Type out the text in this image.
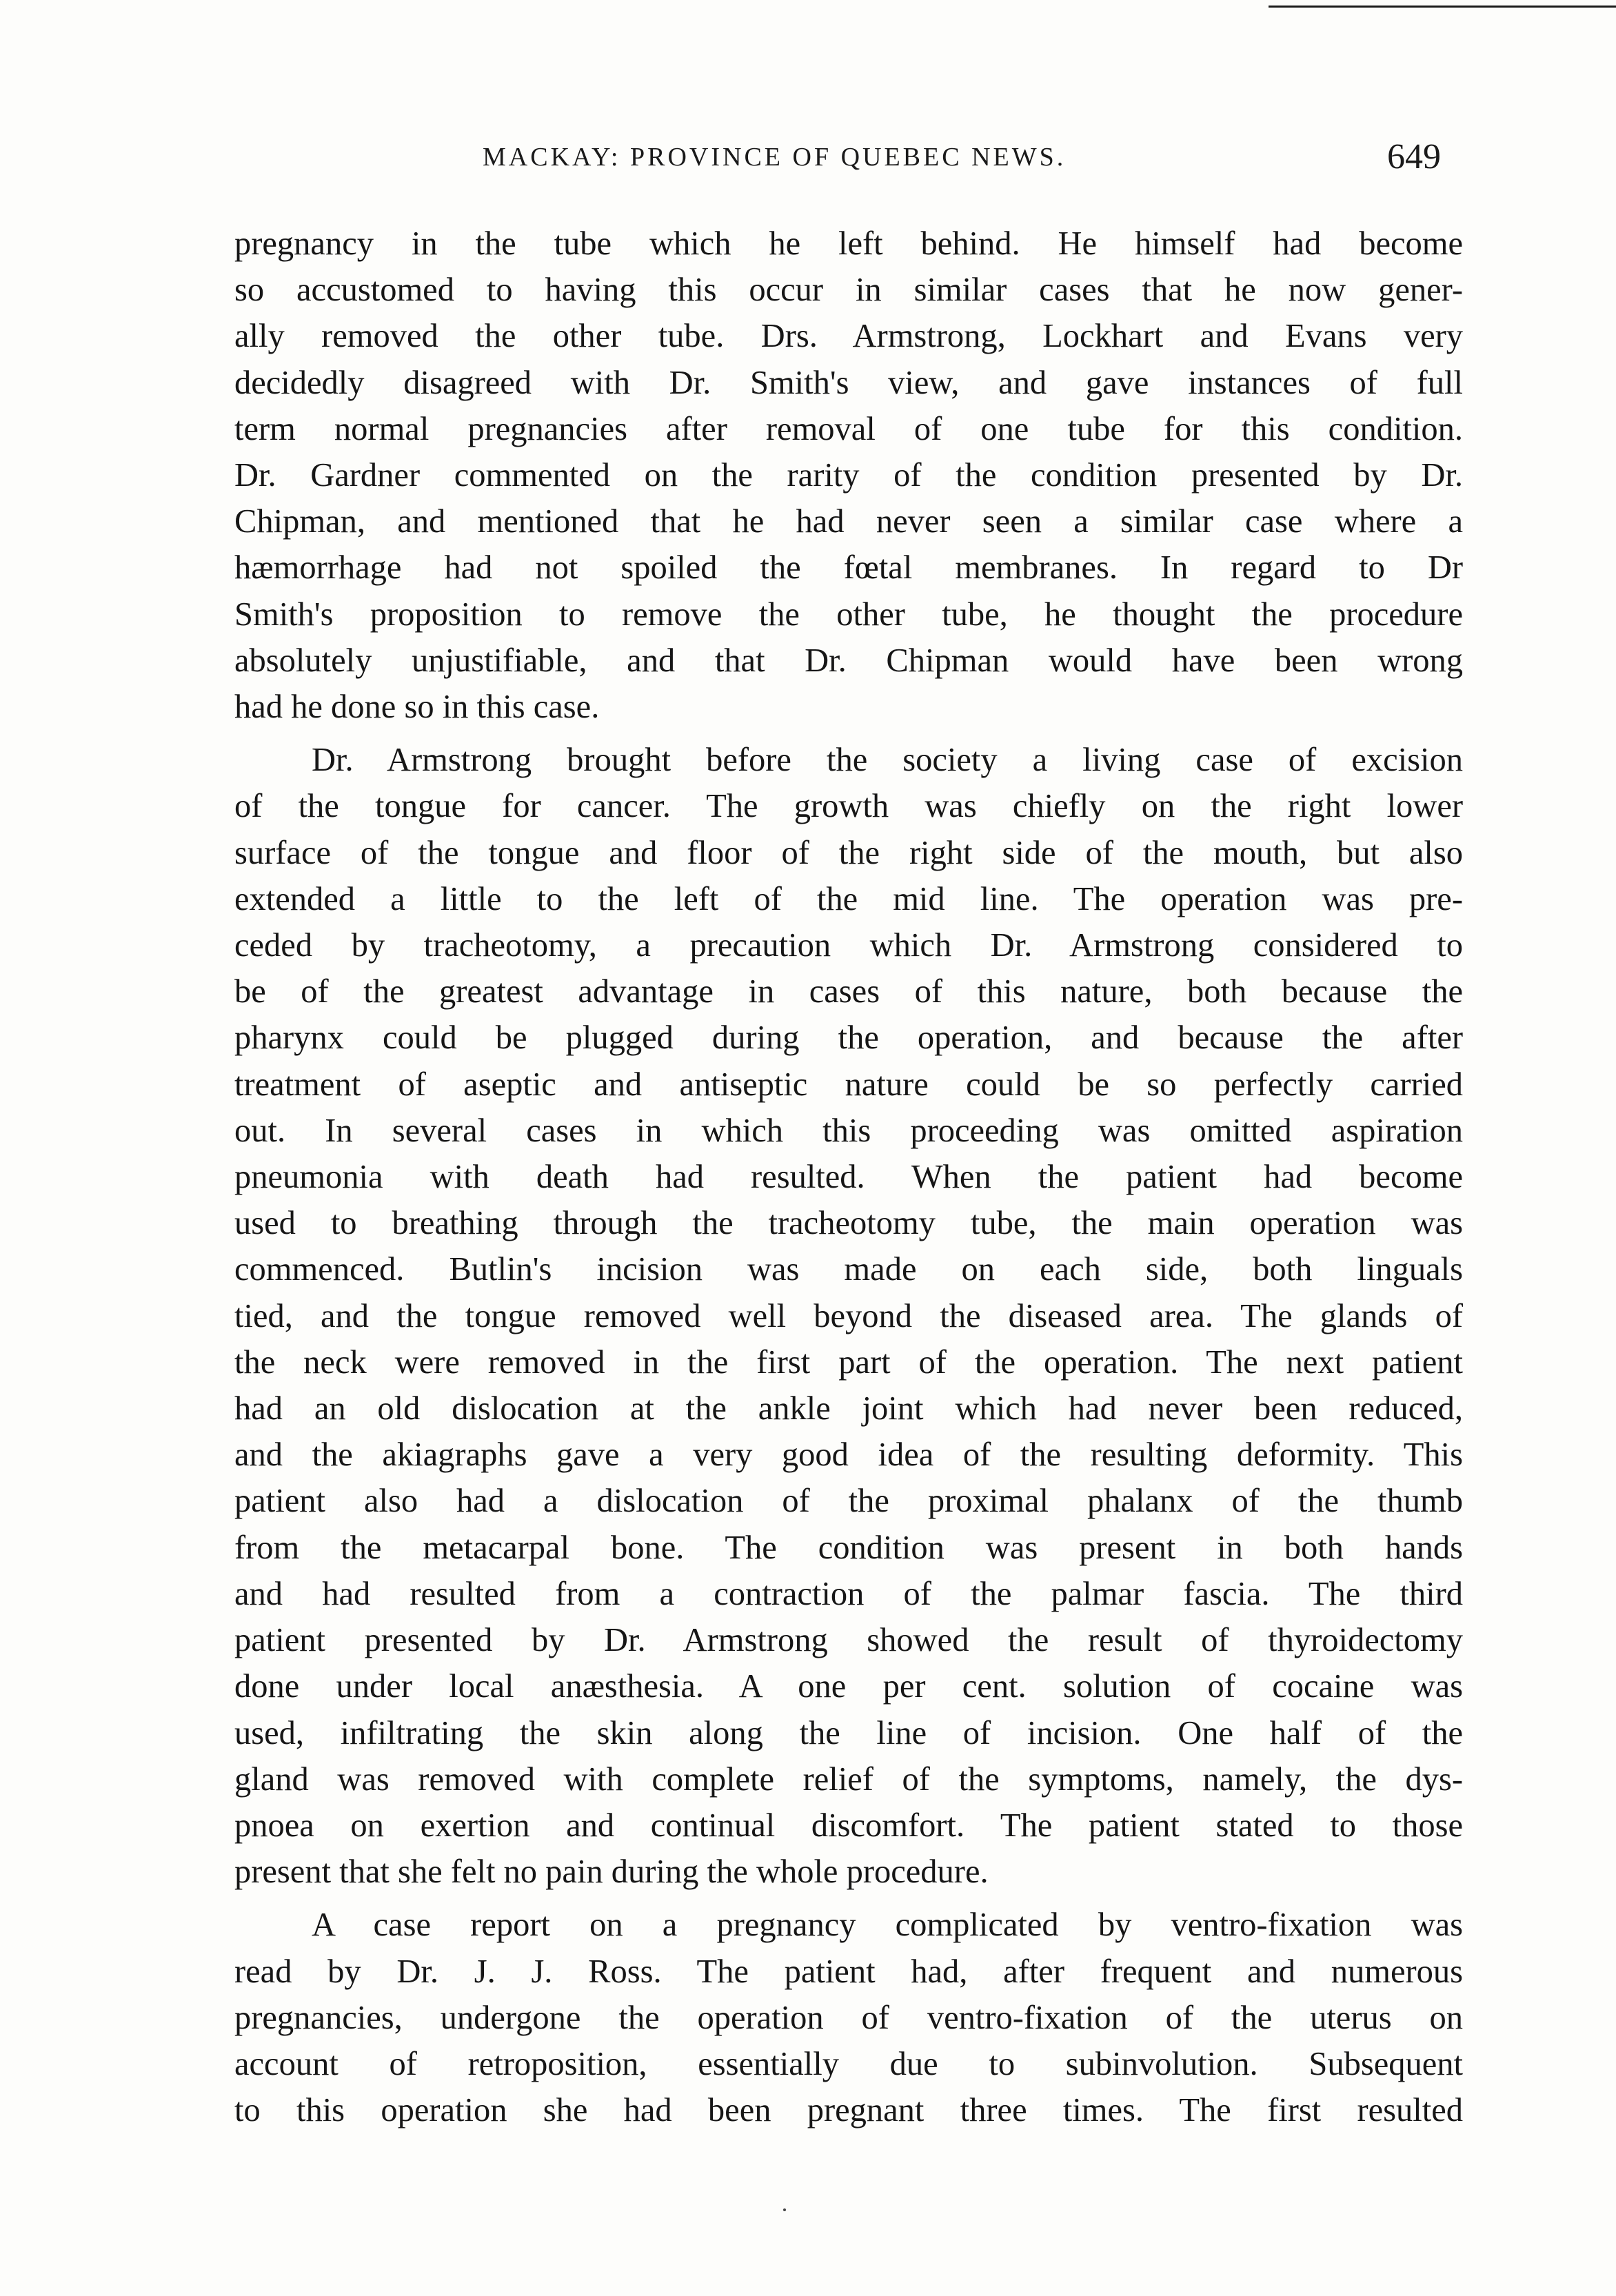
MACKAY: PROVINCE OF QUEBEC NEWS.	649

pregnancy in the tube which he left behind. He himself had become
so accustomed to having this occur in similar cases that he now gener-
ally removed the other tube. Drs. Armstrong, Lockhart and Evans very
decidedly disagreed with Dr. Smith's view, and gave instances of full
term normal pregnancies after removal of one tube for this condition.
Dr. Gardner commented on the rarity of the condition presented by Dr.
Chipman, and mentioned that he had never seen a similar case where a
hæmorrhage had not spoiled the fœtal membranes. In regard to Dr
Smith's proposition to remove the other tube, he thought the procedure
absolutely unjustifiable, and that Dr. Chipman would have been wrong
had he done so in this case.

Dr. Armstrong brought before the society a living case of excision
of the tongue for cancer. The growth was chiefly on the right lower
surface of the tongue and floor of the right side of the mouth, but also
extended a little to the left of the mid line. The operation was pre-
ceded by tracheotomy, a precaution which Dr. Armstrong considered to
be of the greatest advantage in cases of this nature, both because the
pharynx could be plugged during the operation, and because the after
treatment of aseptic and antiseptic nature could be so perfectly carried
out. In several cases in which this proceeding was omitted aspiration
pneumonia with death had resulted. When the patient had become
used to breathing through the tracheotomy tube, the main operation was
commenced. Butlin's incision was made on each side, both linguals
tied, and the tongue removed well beyond the diseased area. The glands of
the neck were removed in the first part of the operation. The next patient
had an old dislocation at the ankle joint which had never been reduced,
and the akiagraphs gave a very good idea of the resulting deformity. This
patient also had a dislocation of the proximal phalanx of the thumb
from the metacarpal bone. The condition was present in both hands
and had resulted from a contraction of the palmar fascia. The third
patient presented by Dr. Armstrong showed the result of thyroidectomy
done under local anæsthesia. A one per cent. solution of cocaine was
used, infiltrating the skin along the line of incision. One half of the
gland was removed with complete relief of the symptoms, namely, the dys-
pnoea on exertion and continual discomfort. The patient stated to those
present that she felt no pain during the whole procedure.

A case report on a pregnancy complicated by ventro-fixation was
read by Dr. J. J. Ross. The patient had, after frequent and numerous
pregnancies, undergone the operation of ventro-fixation of the uterus on
account of retroposition, essentially due to subinvolution. Subsequent
to this operation she had been pregnant three times. The first resulted
